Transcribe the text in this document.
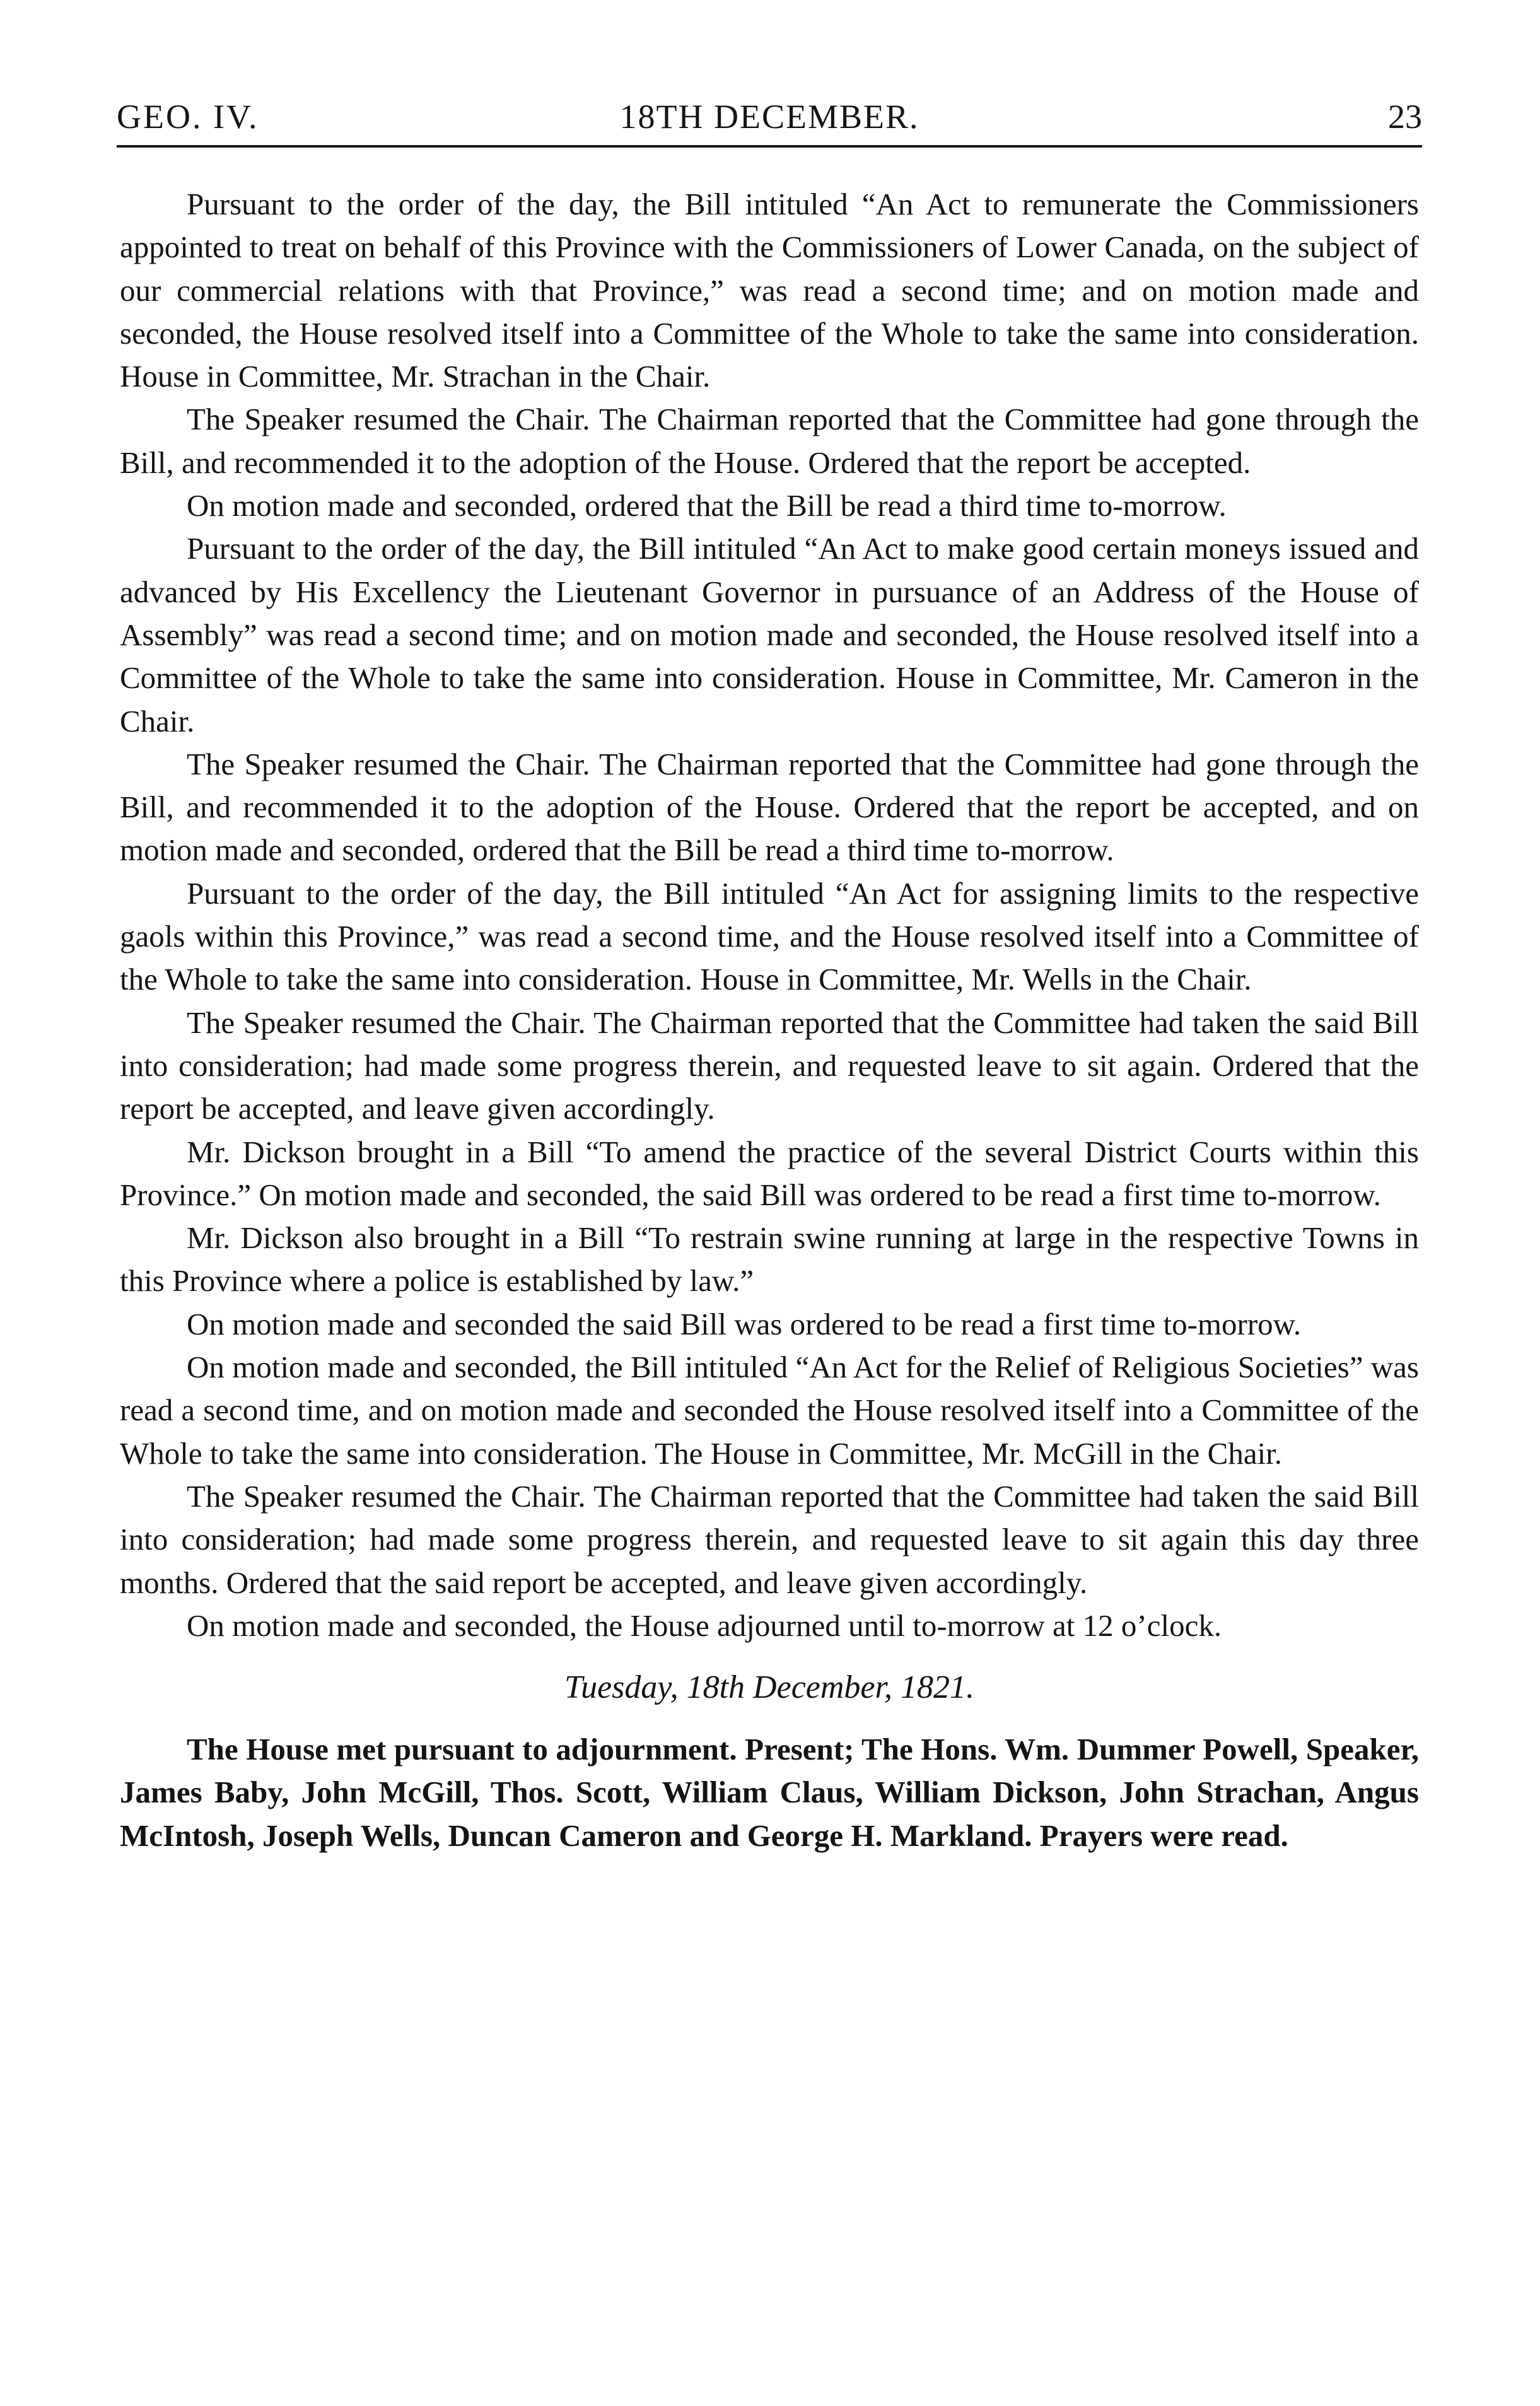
GEO. IV.	18TH DECEMBER.	23

Pursuant to the order of the day, the Bill intituled “An Act to remunerate the Commissioners appointed to treat on behalf of this Province with the Commissioners of Lower Canada, on the subject of our commercial relations with that Province,” was read a second time; and on motion made and seconded, the House resolved itself into a Committee of the Whole to take the same into consideration. House in Committee, Mr. Strachan in the Chair.

The Speaker resumed the Chair. The Chairman reported that the Committee had gone through the Bill, and recommended it to the adoption of the House. Ordered that the report be accepted.

On motion made and seconded, ordered that the Bill be read a third time to-morrow.

Pursuant to the order of the day, the Bill intituled “An Act to make good certain moneys issued and advanced by His Excellency the Lieutenant Governor in pursuance of an Address of the House of Assembly” was read a second time; and on motion made and seconded, the House resolved itself into a Committee of the Whole to take the same into consideration. House in Committee, Mr. Cameron in the Chair.

The Speaker resumed the Chair. The Chairman reported that the Committee had gone through the Bill, and recommended it to the adoption of the House. Ordered that the report be accepted, and on motion made and seconded, ordered that the Bill be read a third time to-morrow.

Pursuant to the order of the day, the Bill intituled “An Act for assigning limits to the respective gaols within this Province,” was read a second time, and the House resolved itself into a Committee of the Whole to take the same into consideration. House in Committee, Mr. Wells in the Chair.

The Speaker resumed the Chair. The Chairman reported that the Committee had taken the said Bill into consideration; had made some progress therein, and requested leave to sit again. Ordered that the report be accepted, and leave given accordingly.

Mr. Dickson brought in a Bill “To amend the practice of the several District Courts within this Province.” On motion made and seconded, the said Bill was ordered to be read a first time to-morrow.

Mr. Dickson also brought in a Bill “To restrain swine running at large in the respective Towns in this Province where a police is established by law.”

On motion made and seconded the said Bill was ordered to be read a first time to-morrow.

On motion made and seconded, the Bill intituled “An Act for the Relief of Religious Societies” was read a second time, and on motion made and seconded the House resolved itself into a Committee of the Whole to take the same into consideration. The House in Committee, Mr. McGill in the Chair.

The Speaker resumed the Chair. The Chairman reported that the Committee had taken the said Bill into consideration; had made some progress therein, and requested leave to sit again this day three months. Ordered that the said report be accepted, and leave given accordingly.

On motion made and seconded, the House adjourned until to-morrow at 12 o’clock.

Tuesday, 18th December, 1821.

The House met pursuant to adjournment. Present; The Hons. Wm. Dummer Powell, Speaker, James Baby, John McGill, Thos. Scott, William Claus, William Dickson, John Strachan, Angus McIntosh, Joseph Wells, Duncan Cameron and George H. Markland. Prayers were read.
